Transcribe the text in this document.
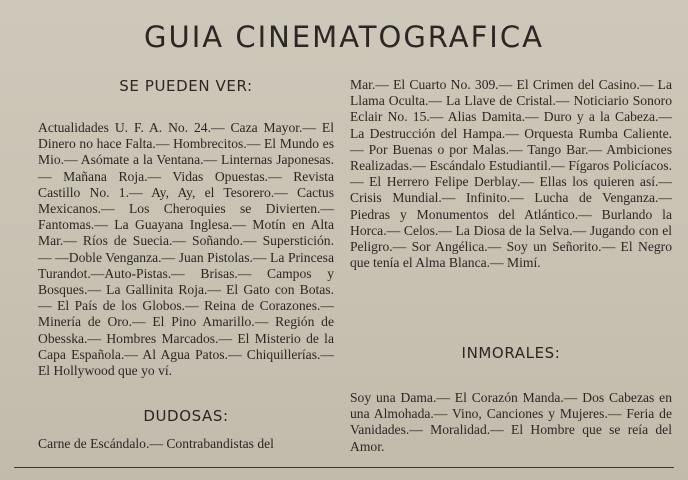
GUIA CINEMATOGRAFICA
SE PUEDEN VER:

Actualidades U. F. A. No. 24.— Caza Mayor.— El Dinero no hace Falta.— Hombrecitos.— El Mundo es Mio.— Asómate a la Ventana.— Linternas Japonesas.— Mañana Roja.— Vidas Opuestas.— Revista Castillo No. 1.— Ay, Ay, el Tesorero.— Cactus Mexicanos.— Los Cheroquies se Divierten.— Fantomas.— La Guayana Inglesa.— Motín en Alta Mar.— Ríos de Suecia.— Soñando.— Superstición.— —Doble Venganza.— Juan Pistolas.— La Princesa Turandot.—Auto-Pistas.— Brisas.— Campos y Bosques.— La Gallinita Roja.— El Gato con Botas.— El País de los Globos.— Reina de Corazones.— Minería de Oro.— El Pino Amarillo.— Región de Obesska.— Hombres Marcados.— El Misterio de la Capa Española.— Al Agua Patos.— Chiquillerías.— El Hollywood que yo ví.

DUDOSAS:

Carne de Escándalo.— Contrabandistas del

Mar.— El Cuarto No. 309.— El Crimen del Casino.— La Llama Oculta.— La Llave de Cristal.— Noticiario Sonoro Eclair No. 15.— Alias Damita.— Duro y a la Cabeza.— La Destrucción del Hampa.— Orquesta Rumba Caliente.— Por Buenas o por Malas.— Tango Bar.— Ambiciones Realizadas.— Escándalo Estudiantil.— Fígaros Policíacos.— El Herrero Felipe Derblay.— Ellas los quieren así.— Crisis Mundial.— Infinito.— Lucha de Venganza.— Piedras y Monumentos del Atlántico.— Burlando la Horca.— Celos.— La Diosa de la Selva.— Jugando con el Peligro.— Sor Angélica.— Soy un Señorito.— El Negro que tenía el Alma Blanca.— Mimí.

INMORALES:

Soy una Dama.— El Corazón Manda.— Dos Cabezas en una Almohada.— Vino, Canciones y Mujeres.— Feria de Vanidades.— Moralidad.— El Hombre que se reía del Amor.
